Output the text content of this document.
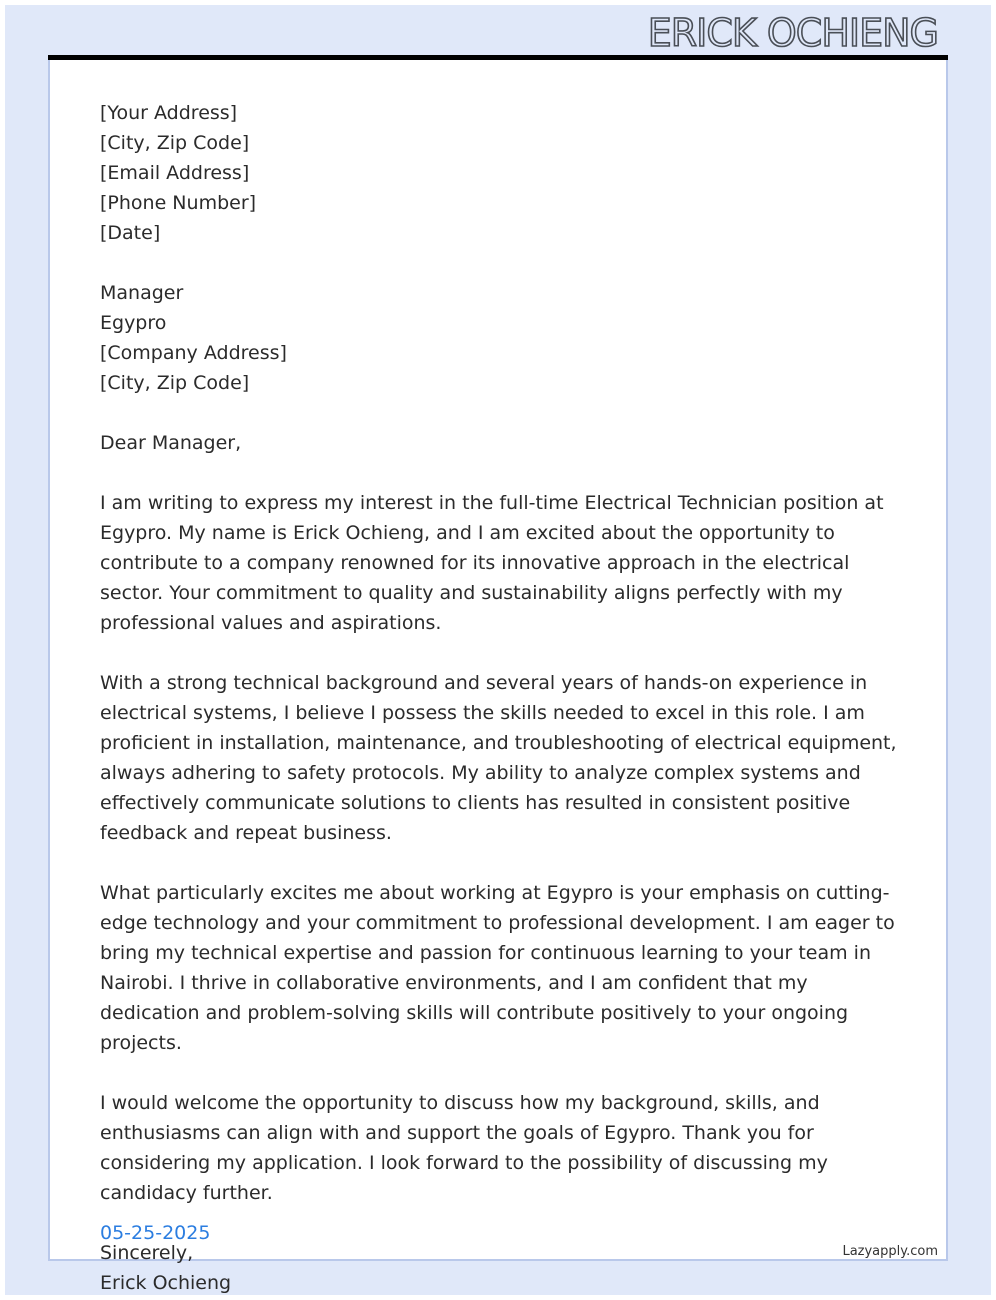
ERICK OCHIENG
[Your Address]
[City, Zip Code]
[Email Address]
[Phone Number]
[Date]
Manager
Egypro
[Company Address]
[City, Zip Code]
Dear Manager,

I am writing to express my interest in the full-time Electrical Technician position at Egypro. My name is Erick Ochieng, and I am excited about the opportunity to contribute to a company renowned for its innovative approach in the electrical sector. Your commitment to quality and sustainability aligns perfectly with my professional values and aspirations.

With a strong technical background and several years of hands-on experience in electrical systems, I believe I possess the skills needed to excel in this role. I am proficient in installation, maintenance, and troubleshooting of electrical equipment, always adhering to safety protocols. My ability to analyze complex systems and effectively communicate solutions to clients has resulted in consistent positive feedback and repeat business.

What particularly excites me about working at Egypro is your emphasis on cutting-edge technology and your commitment to professional development. I am eager to bring my technical expertise and passion for continuous learning to your team in Nairobi. I thrive in collaborative environments, and I am confident that my dedication and problem-solving skills will contribute positively to your ongoing projects.

I would welcome the opportunity to discuss how my background, skills, and enthusiasms can align with and support the goals of Egypro. Thank you for considering my application. I look forward to the possibility of discussing my candidacy further.

Sincerely,
Erick Ochieng
05-25-2025
Lazyapply.com
